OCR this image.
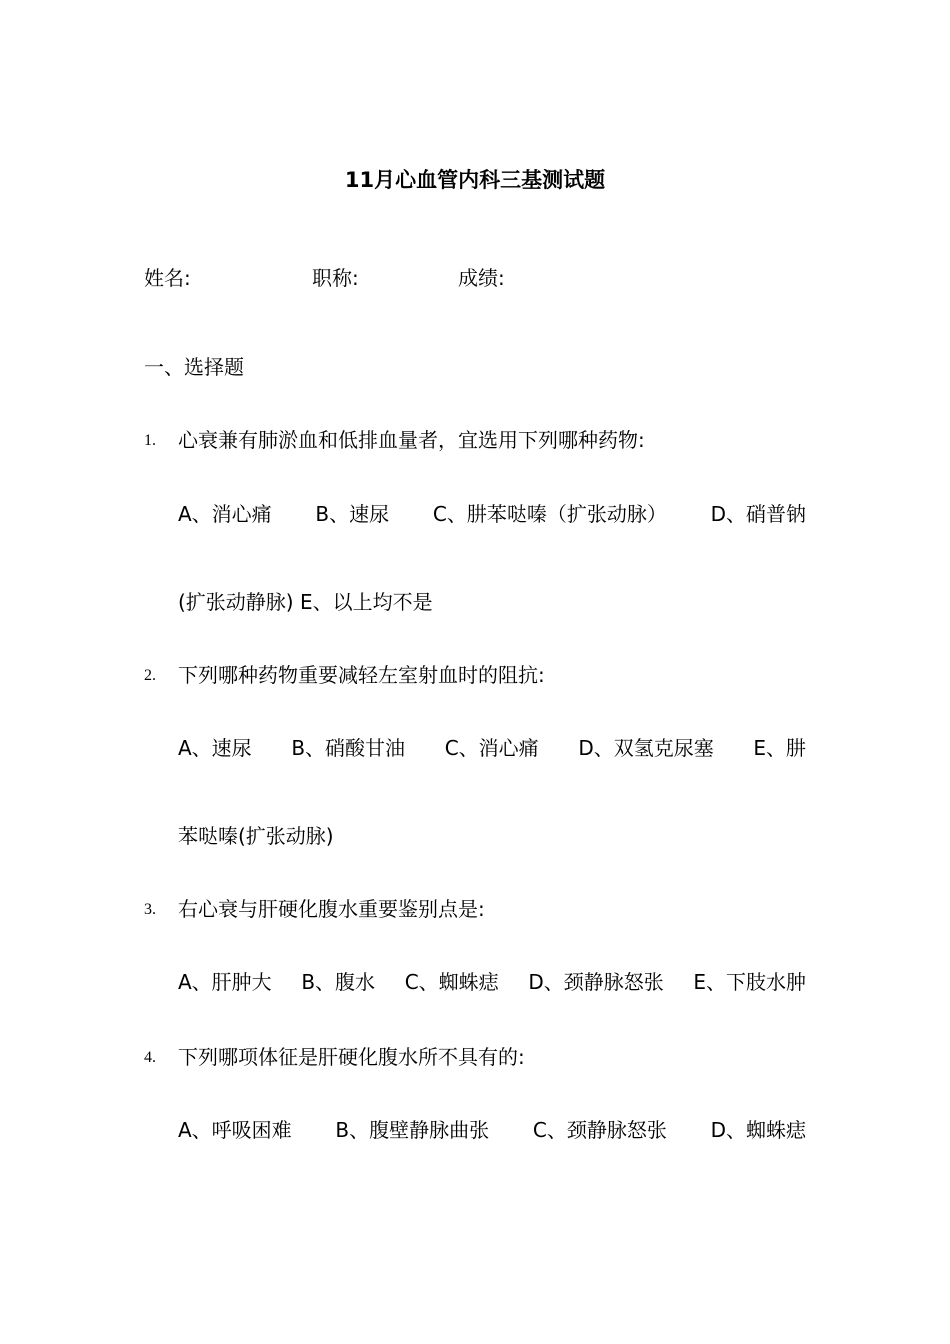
11月心血管内科三基测试题
姓名:	职称:	成绩:
一、选择题
1. 心衰兼有肺淤血和低排血量者，宜选用下列哪种药物:
A、消心痛 B、速尿 C、肼苯哒嗪（扩张动脉） D、硝普钠
(扩张动静脉) E、以上均不是
2. 下列哪种药物重要减轻左室射血时的阻抗:
A、速尿 B、硝酸甘油 C、消心痛 D、双氢克尿塞 E、肼
苯哒嗪(扩张动脉)
3. 右心衰与肝硬化腹水重要鉴别点是:
A、肝肿大 B、腹水 C、蜘蛛痣 D、颈静脉怒张 E、下肢水肿
4. 下列哪项体征是肝硬化腹水所不具有的:
A、呼吸困难 B、腹壁静脉曲张 C、颈静脉怒张 D、蜘蛛痣
